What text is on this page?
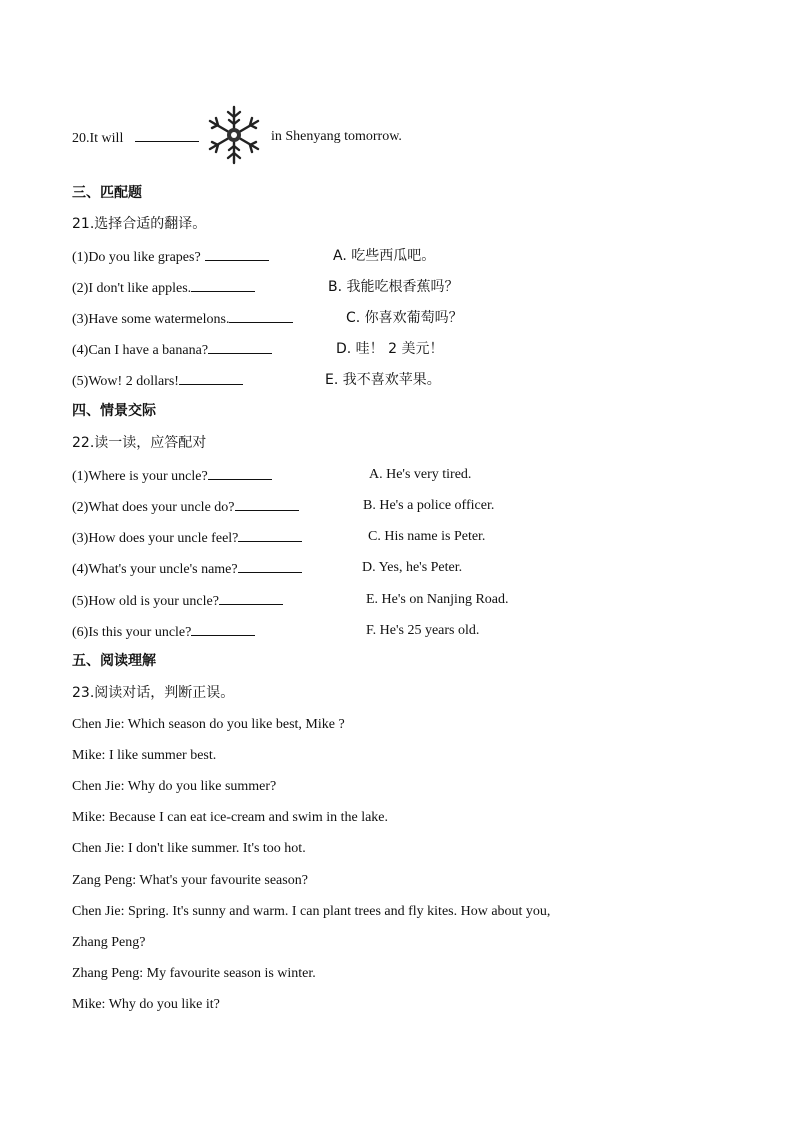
20.It will	in Shenyang tomorrow.
三、匹配题
21.选择合适的翻译。
(1)Do you like grapes?	A. 吃些西瓜吧。
(2)I don't like apples.	B. 我能吃根香蕉吗？
(3)Have some watermelons.	C. 你喜欢葡萄吗？
(4)Can I have a banana?	D. 哇！ 2 美元！
(5)Wow! 2 dollars!	E. 我不喜欢苹果。
四、情景交际
22.读一读，应答配对
(1)Where is your uncle?	A. He's very tired.
(2)What does your uncle do?	B. He's a police officer.
(3)How does your uncle feel?	C. His name is Peter.
(4)What's your uncle's name?	D. Yes, he's Peter.
(5)How old is your uncle?	E. He's on Nanjing Road.
(6)Is this your uncle?	F. He's 25 years old.
五、阅读理解
23.阅读对话，判断正误。
Chen Jie: Which season do you like best, Mike ?
Mike: I like summer best.
Chen Jie: Why do you like summer?
Mike: Because I can eat ice-cream and swim in the lake.
Chen Jie: I don't like summer. It's too hot.
Zang Peng: What's your favourite season?
Chen Jie: Spring. It's sunny and warm. I can plant trees and fly kites. How about you,
Zhang Peng?
Zhang Peng: My favourite season is winter.
Mike: Why do you like it?
